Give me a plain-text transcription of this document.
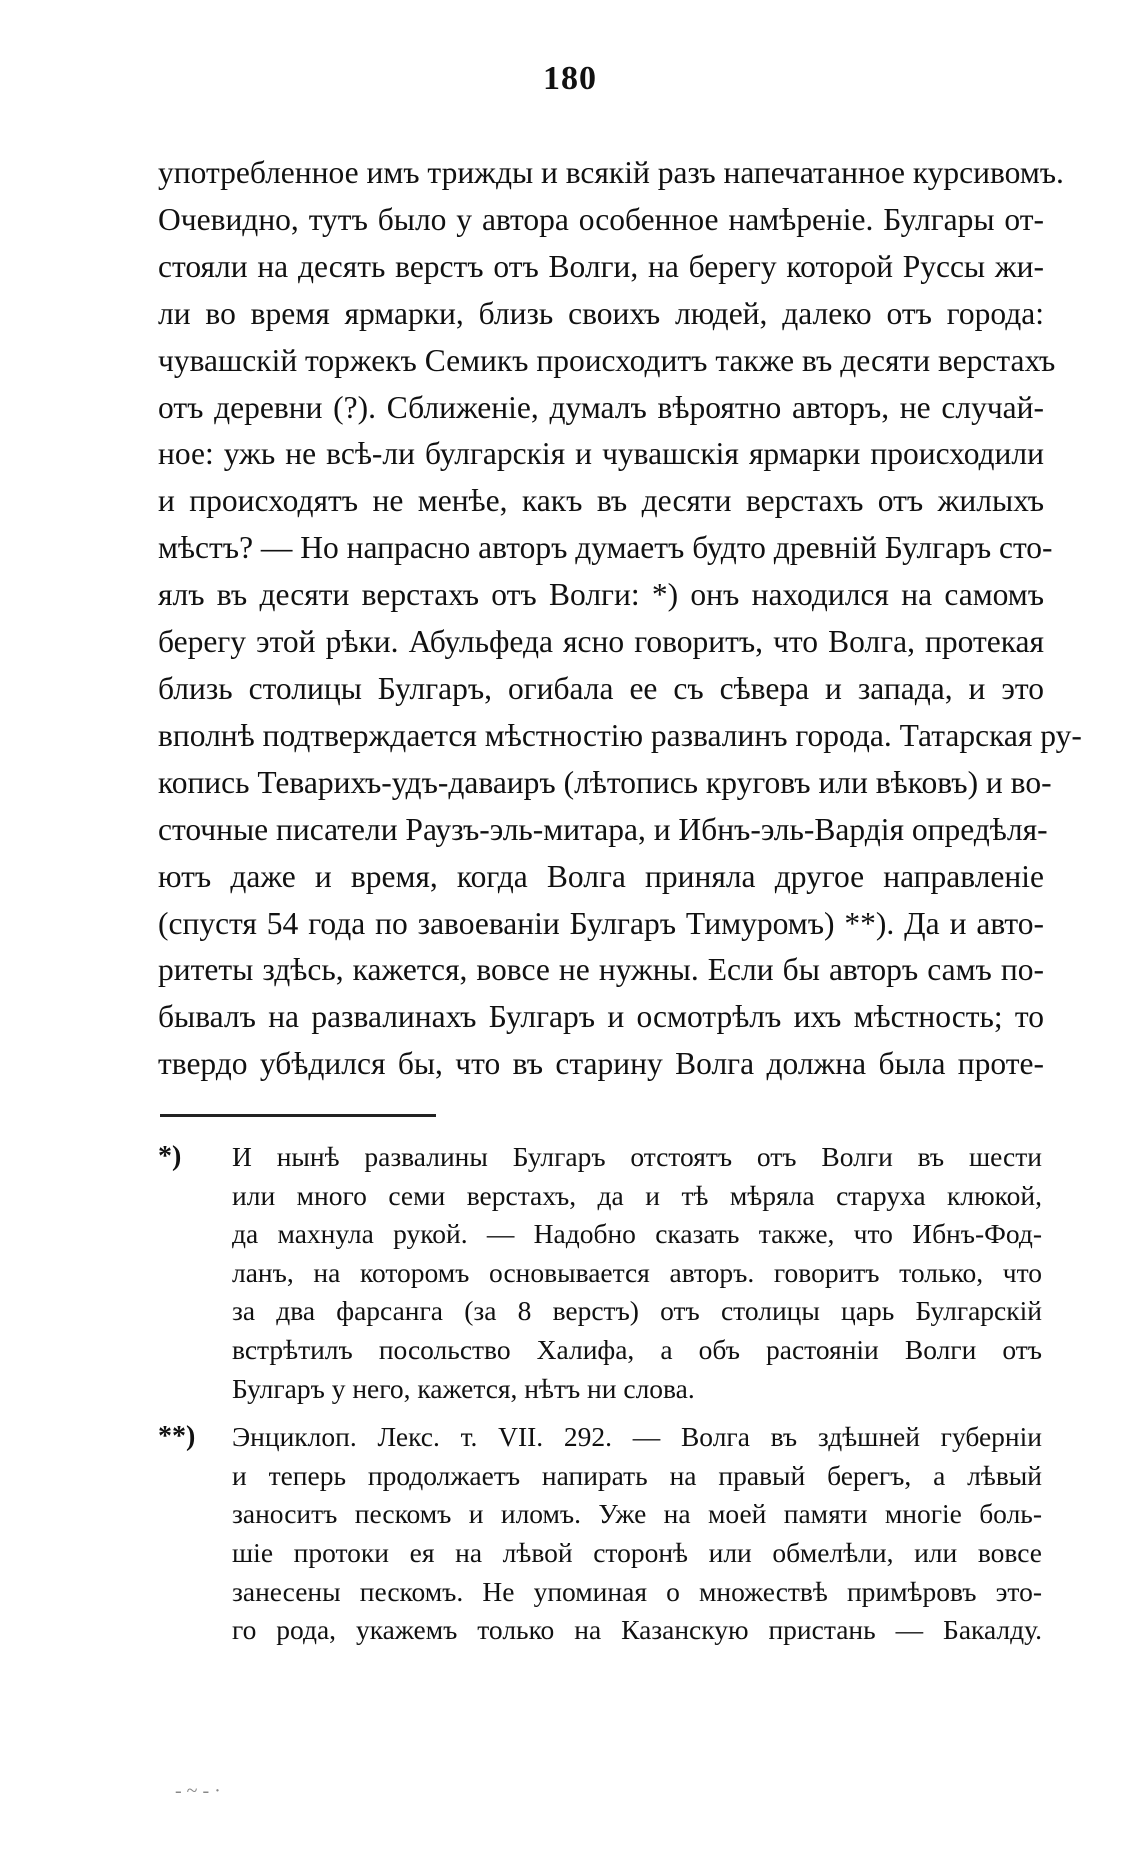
180
употребленное имъ трижды и всякій разъ напечатанное курсивомъ.
Очевидно, тутъ было у автора особенное намѣреніе. Булгары от-
стояли на десять верстъ отъ Волги, на берегу которой Руссы жи-
ли во время ярмарки, близь своихъ людей, далеко отъ города:
чувашскій торжекъ Семикъ происходитъ также въ десяти верстахъ
отъ деревни (?). Сближеніе, думалъ вѣроятно авторъ, не случай-
ное: ужь не всѣ-ли булгарскія и чувашскія ярмарки происходили
и происходятъ не менѣе, какъ въ десяти верстахъ отъ жилыхъ
мѣстъ? — Но напрасно авторъ думаетъ будто древній Булгаръ сто-
ялъ въ десяти верстахъ отъ Волги: *) онъ находился на самомъ
берегу этой рѣки. Абульфеда ясно говоритъ, что Волга, протекая
близь столицы Булгаръ, огибала ее съ сѣвера и запада, и это
вполнѣ подтверждается мѣстностію развалинъ города. Татарская ру-
копись Теварихъ-удъ-даваиръ (лѣтопись круговъ или вѣковъ) и во-
сточные писатели Раузъ-эль-митара, и Ибнъ-эль-Вардія опредѣля-
ютъ даже и время, когда Волга приняла другое направленіе
(спустя 54 года по завоеваніи Булгаръ Тимуромъ) **). Да и авто-
ритеты здѣсь, кажется, вовсе не нужны. Если бы авторъ самъ по-
бывалъ на развалинахъ Булгаръ и осмотрѣлъ ихъ мѣстность; то
твердо убѣдился бы, что въ старину Волга должна была проте-
*) И нынѣ развалины Булгаръ отстоятъ отъ Волги въ шести
или много семи верстахъ, да и тѣ мѣряла старуха клюкой,
да махнула рукой. — Надобно сказать также, что Ибнъ-Фод-
ланъ, на которомъ основывается авторъ. говоритъ только, что
за два фарсанга (за 8 верстъ) отъ столицы царь Булгарскій
встрѣтилъ посольство Халифа, а объ растояніи Волги отъ
Булгаръ у него, кажется, нѣтъ ни слова.
**) Энциклоп. Лекс. т. VII. 292. — Волга въ здѣшней губерніи
и теперь продолжаетъ напирать на правый берегъ, а лѣвый
заноситъ пескомъ и иломъ. Уже на моей памяти многіе боль-
шіе протоки ея на лѣвой сторонѣ или обмелѣли, или вовсе
занесены пескомъ. Не упоминая о множествѣ примѣровъ это-
го рода, укажемъ только на Казанскую пристань — Бакалду.
- ~ - ·
